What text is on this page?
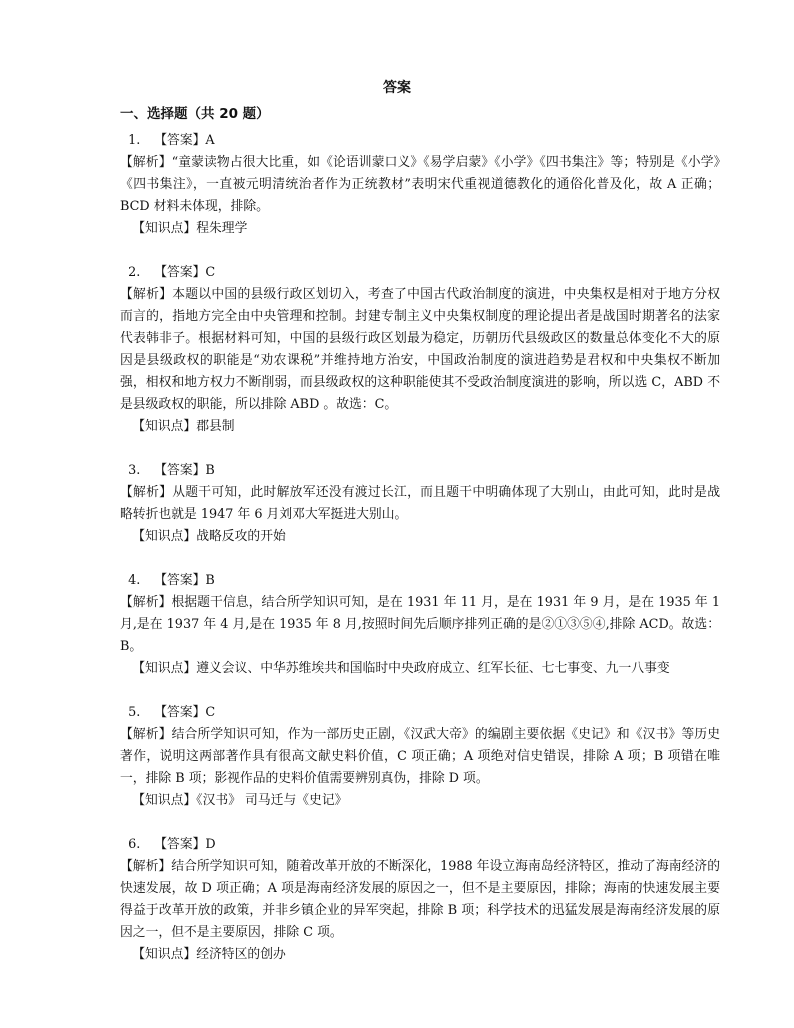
答案
一、选择题（共 20 题）
1. 【答案】A
【解析】“童蒙读物占很大比重，如《论语训蒙口义》《易学启蒙》《小学》《四书集注》等；特别是《小学》《四书集注》，一直被元明清统治者作为正统教材”表明宋代重视道德教化的通俗化普及化，故 A 正确；BCD 材料未体现，排除。
【知识点】程朱理学
2. 【答案】C
【解析】本题以中国的县级行政区划切入，考查了中国古代政治制度的演进，中央集权是相对于地方分权而言的，指地方完全由中央管理和控制。封建专制主义中央集权制度的理论提出者是战国时期著名的法家代表韩非子。根据材料可知，中国的县级行政区划最为稳定，历朝历代县级政区的数量总体变化不大的原因是县级政权的职能是“劝农课税”并维持地方治安，中国政治制度的演进趋势是君权和中央集权不断加强，相权和地方权力不断削弱，而县级政权的这种职能使其不受政治制度演进的影响，所以选 C，ABD 不是县级政权的职能，所以排除 ABD 。故选：C。
【知识点】郡县制
3. 【答案】B
【解析】从题干可知，此时解放军还没有渡过长江，而且题干中明确体现了大别山，由此可知，此时是战略转折也就是 1947 年 6 月刘邓大军挺进大别山。
【知识点】战略反攻的开始
4. 【答案】B
【解析】根据题干信息，结合所学知识可知，是在 1931 年 11 月，是在 1931 年 9 月，是在 1935 年 1 月,是在 1937 年 4 月,是在 1935 年 8 月,按照时间先后顺序排列正确的是②①③⑤④,排除 ACD。故选：B。
【知识点】遵义会议、中华苏维埃共和国临时中央政府成立、红军长征、七七事变、九一八事变
5. 【答案】C
【解析】结合所学知识可知，作为一部历史正剧，《汉武大帝》的编剧主要依据《史记》和《汉书》等历史著作，说明这两部著作具有很高文献史料价值，C 项正确；A 项绝对信史错误，排除 A 项；B 项错在唯一，排除 B 项；影视作品的史料价值需要辨别真伪，排除 D 项。
【知识点】《汉书》 司马迁与《史记》
6. 【答案】D
【解析】结合所学知识可知，随着改革开放的不断深化，1988 年设立海南岛经济特区，推动了海南经济的快速发展，故 D 项正确；A 项是海南经济发展的原因之一，但不是主要原因，排除；海南的快速发展主要得益于改革开放的政策，并非乡镇企业的异军突起，排除 B 项；科学技术的迅猛发展是海南经济发展的原因之一，但不是主要原因，排除 C 项。
【知识点】经济特区的创办
